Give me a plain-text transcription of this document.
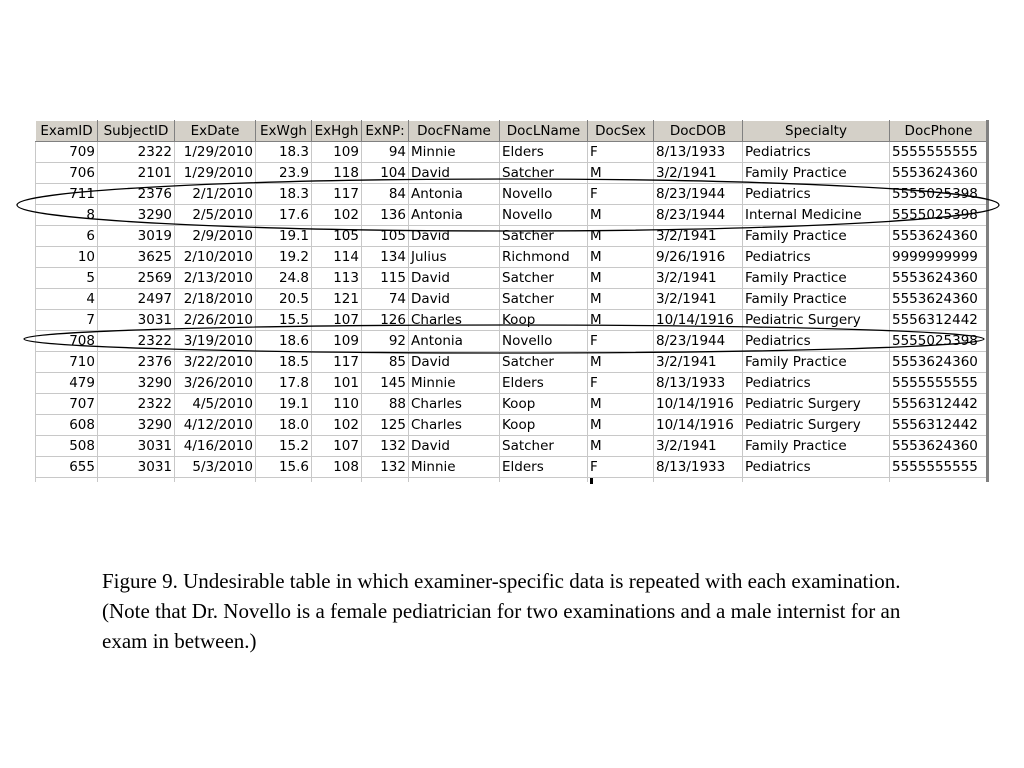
ExamID	SubjectID	ExDate	ExWgh	ExHgh	ExNP:	DocFName	DocLName	DocSex	DocDOB	Specialty	DocPhone
709	2322	1/29/2010	18.3	109	94	Minnie	Elders	F	8/13/1933	Pediatrics	5555555555
706	2101	1/29/2010	23.9	118	104	David	Satcher	M	3/2/1941	Family Practice	5553624360
711	2376	2/1/2010	18.3	117	84	Antonia	Novello	F	8/23/1944	Pediatrics	5555025398
8	3290	2/5/2010	17.6	102	136	Antonia	Novello	M	8/23/1944	Internal Medicine	5555025398
6	3019	2/9/2010	19.1	105	105	David	Satcher	M	3/2/1941	Family Practice	5553624360
10	3625	2/10/2010	19.2	114	134	Julius	Richmond	M	9/26/1916	Pediatrics	9999999999
5	2569	2/13/2010	24.8	113	115	David	Satcher	M	3/2/1941	Family Practice	5553624360
4	2497	2/18/2010	20.5	121	74	David	Satcher	M	3/2/1941	Family Practice	5553624360
7	3031	2/26/2010	15.5	107	126	Charles	Koop	M	10/14/1916	Pediatric Surgery	5556312442
708	2322	3/19/2010	18.6	109	92	Antonia	Novello	F	8/23/1944	Pediatrics	5555025398
710	2376	3/22/2010	18.5	117	85	David	Satcher	M	3/2/1941	Family Practice	5553624360
479	3290	3/26/2010	17.8	101	145	Minnie	Elders	F	8/13/1933	Pediatrics	5555555555
707	2322	4/5/2010	19.1	110	88	Charles	Koop	M	10/14/1916	Pediatric Surgery	5556312442
608	3290	4/12/2010	18.0	102	125	Charles	Koop	M	10/14/1916	Pediatric Surgery	5556312442
508	3031	4/16/2010	15.2	107	132	David	Satcher	M	3/2/1941	Family Practice	5553624360
655	3031	5/3/2010	15.6	108	132	Minnie	Elders	F	8/13/1933	Pediatrics	5555555555

Figure 9. Undesirable table in which examiner-specific data is repeated with each examination. (Note that Dr. Novello is a female pediatrician for two examinations and a male internist for an exam in between.)
